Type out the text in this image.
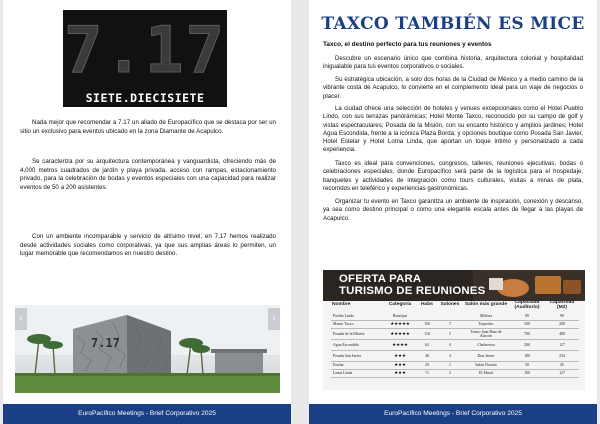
7.17
SIETE.DIECISIETE

Nada mejor que recomendar a 7.17 un aliado de Europacífico que se destaca por ser un sitio un exclusivo para eventos ubicado en la zona Diamante de Acapulco.

Se caracteriza por su arquitectura contemporánea y vanguardista, ofreciendo más de 4,000 metros cuadrados de jardín y playa privada, acceso con rampas, estacionamiento privado, para la celebración de bodas y eventos especiales con una capacidad para realizar eventos de 50 a 200 asistentes.

Con un ambiente incomparable y servicio de altísimo nivel, en 7.17 hemos realizado desde actividades sociales como corporativas, ya que sus amplias áreas lo permiten, un lugar memorable que recomendamos en nuestro destino.

7.17
‹	›
EuroPacífico Meetings - Brief Corporativo 2025
TAXCO TAMBIÉN ES MICE

Taxco, el destino perfecto para tus reuniones y eventos

Descubre un escenario único que combina historia, arquitectura colonial y hospitalidad inigualable para tus eventos corporativos o sociales.

Su estratégica ubicación, a solo dos horas de la Ciudad de México y a medio camino de la vibrante costa de Acapulco, lo convierte en el complemento ideal para un viaje de negocios o placer.

La ciudad ofrece una selección de hoteles y venues excepcionales como el Hotel Pueblo Lindo, con sus terrazas panorámicas; Hotel Monte Taxco, reconocido por su campo de golf y vistas espectaculares; Posada de la Misión, con su encanto histórico y amplios jardines; Hotel Agua Escondida, frente a la icónica Plaza Borda; y opciones boutique como Posada San Javier, Hotel Estelar y Hotel Loma Linda, que aportan un toque íntimo y personalizado a cada experiencia.

Taxco es ideal para convenciones, congresos, talleres, reuniones ejecutivas, bodas o celebraciones especiales, donde Europacífico será parte de la logística para el hospedaje, banquetes y actividades de integración como tours culturales, visitas a minas de plata, recorridos en teleférico y experiencias gastronómicas.

Organizar tu evento en Taxco garantiza un ambiente de inspiración, conexión y descanso, ya sea como destino principal o como una elegante escala antes de llegar a las playas de Acapulco.

OFERTA PARA
TURISMO DE REUNIONES
Nombre	Categoría	Habs	Salones	Salón más grande	Capacidad (Auditorio)	Capacidad (M2)
Pueblo Lindo	Boutique			Melissa	90	90
Monte Taxco	★★★★★	156	7	Tequesho	500	200
Posada de la Misión	★★★★★	110	5	Teatro Juan Ruiz de Alarcón	700	480
Agua Escondida	★★★★	62	4	Chalavessa	200	127
Posada San Javier	★★★	40	4	Don Javier	180	234
Estelar	★★★	29	1	Salón Dorado	50	45
Loma Linda	★★★	71	2	El Mural	100	127
EuroPacífico Meetings - Brief Corporativo 2025
